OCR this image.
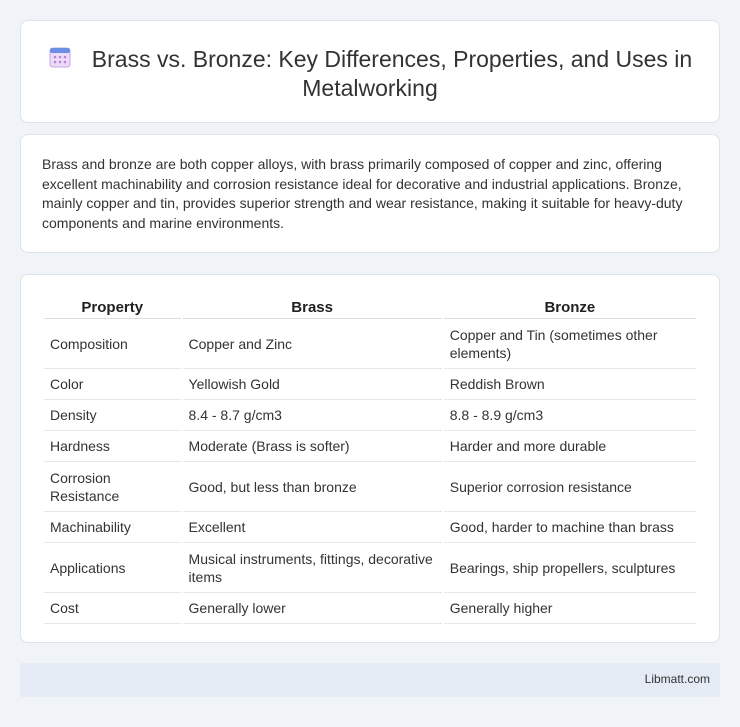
Brass vs. Bronze: Key Differences, Properties, and Uses in Metalworking

Brass and bronze are both copper alloys, with brass primarily composed of copper and zinc, offering excellent machinability and corrosion resistance ideal for decorative and industrial applications. Bronze, mainly copper and tin, provides superior strength and wear resistance, making it suitable for heavy-duty components and marine environments.

Property	Brass	Bronze
Composition	Copper and Zinc	Copper and Tin (sometimes other elements)
Color	Yellowish Gold	Reddish Brown
Density	8.4 - 8.7 g/cm3	8.8 - 8.9 g/cm3
Hardness	Moderate (Brass is softer)	Harder and more durable
Corrosion Resistance	Good, but less than bronze	Superior corrosion resistance
Machinability	Excellent	Good, harder to machine than brass
Applications	Musical instruments, fittings, decorative items	Bearings, ship propellers, sculptures
Cost	Generally lower	Generally higher
Libmatt.com
